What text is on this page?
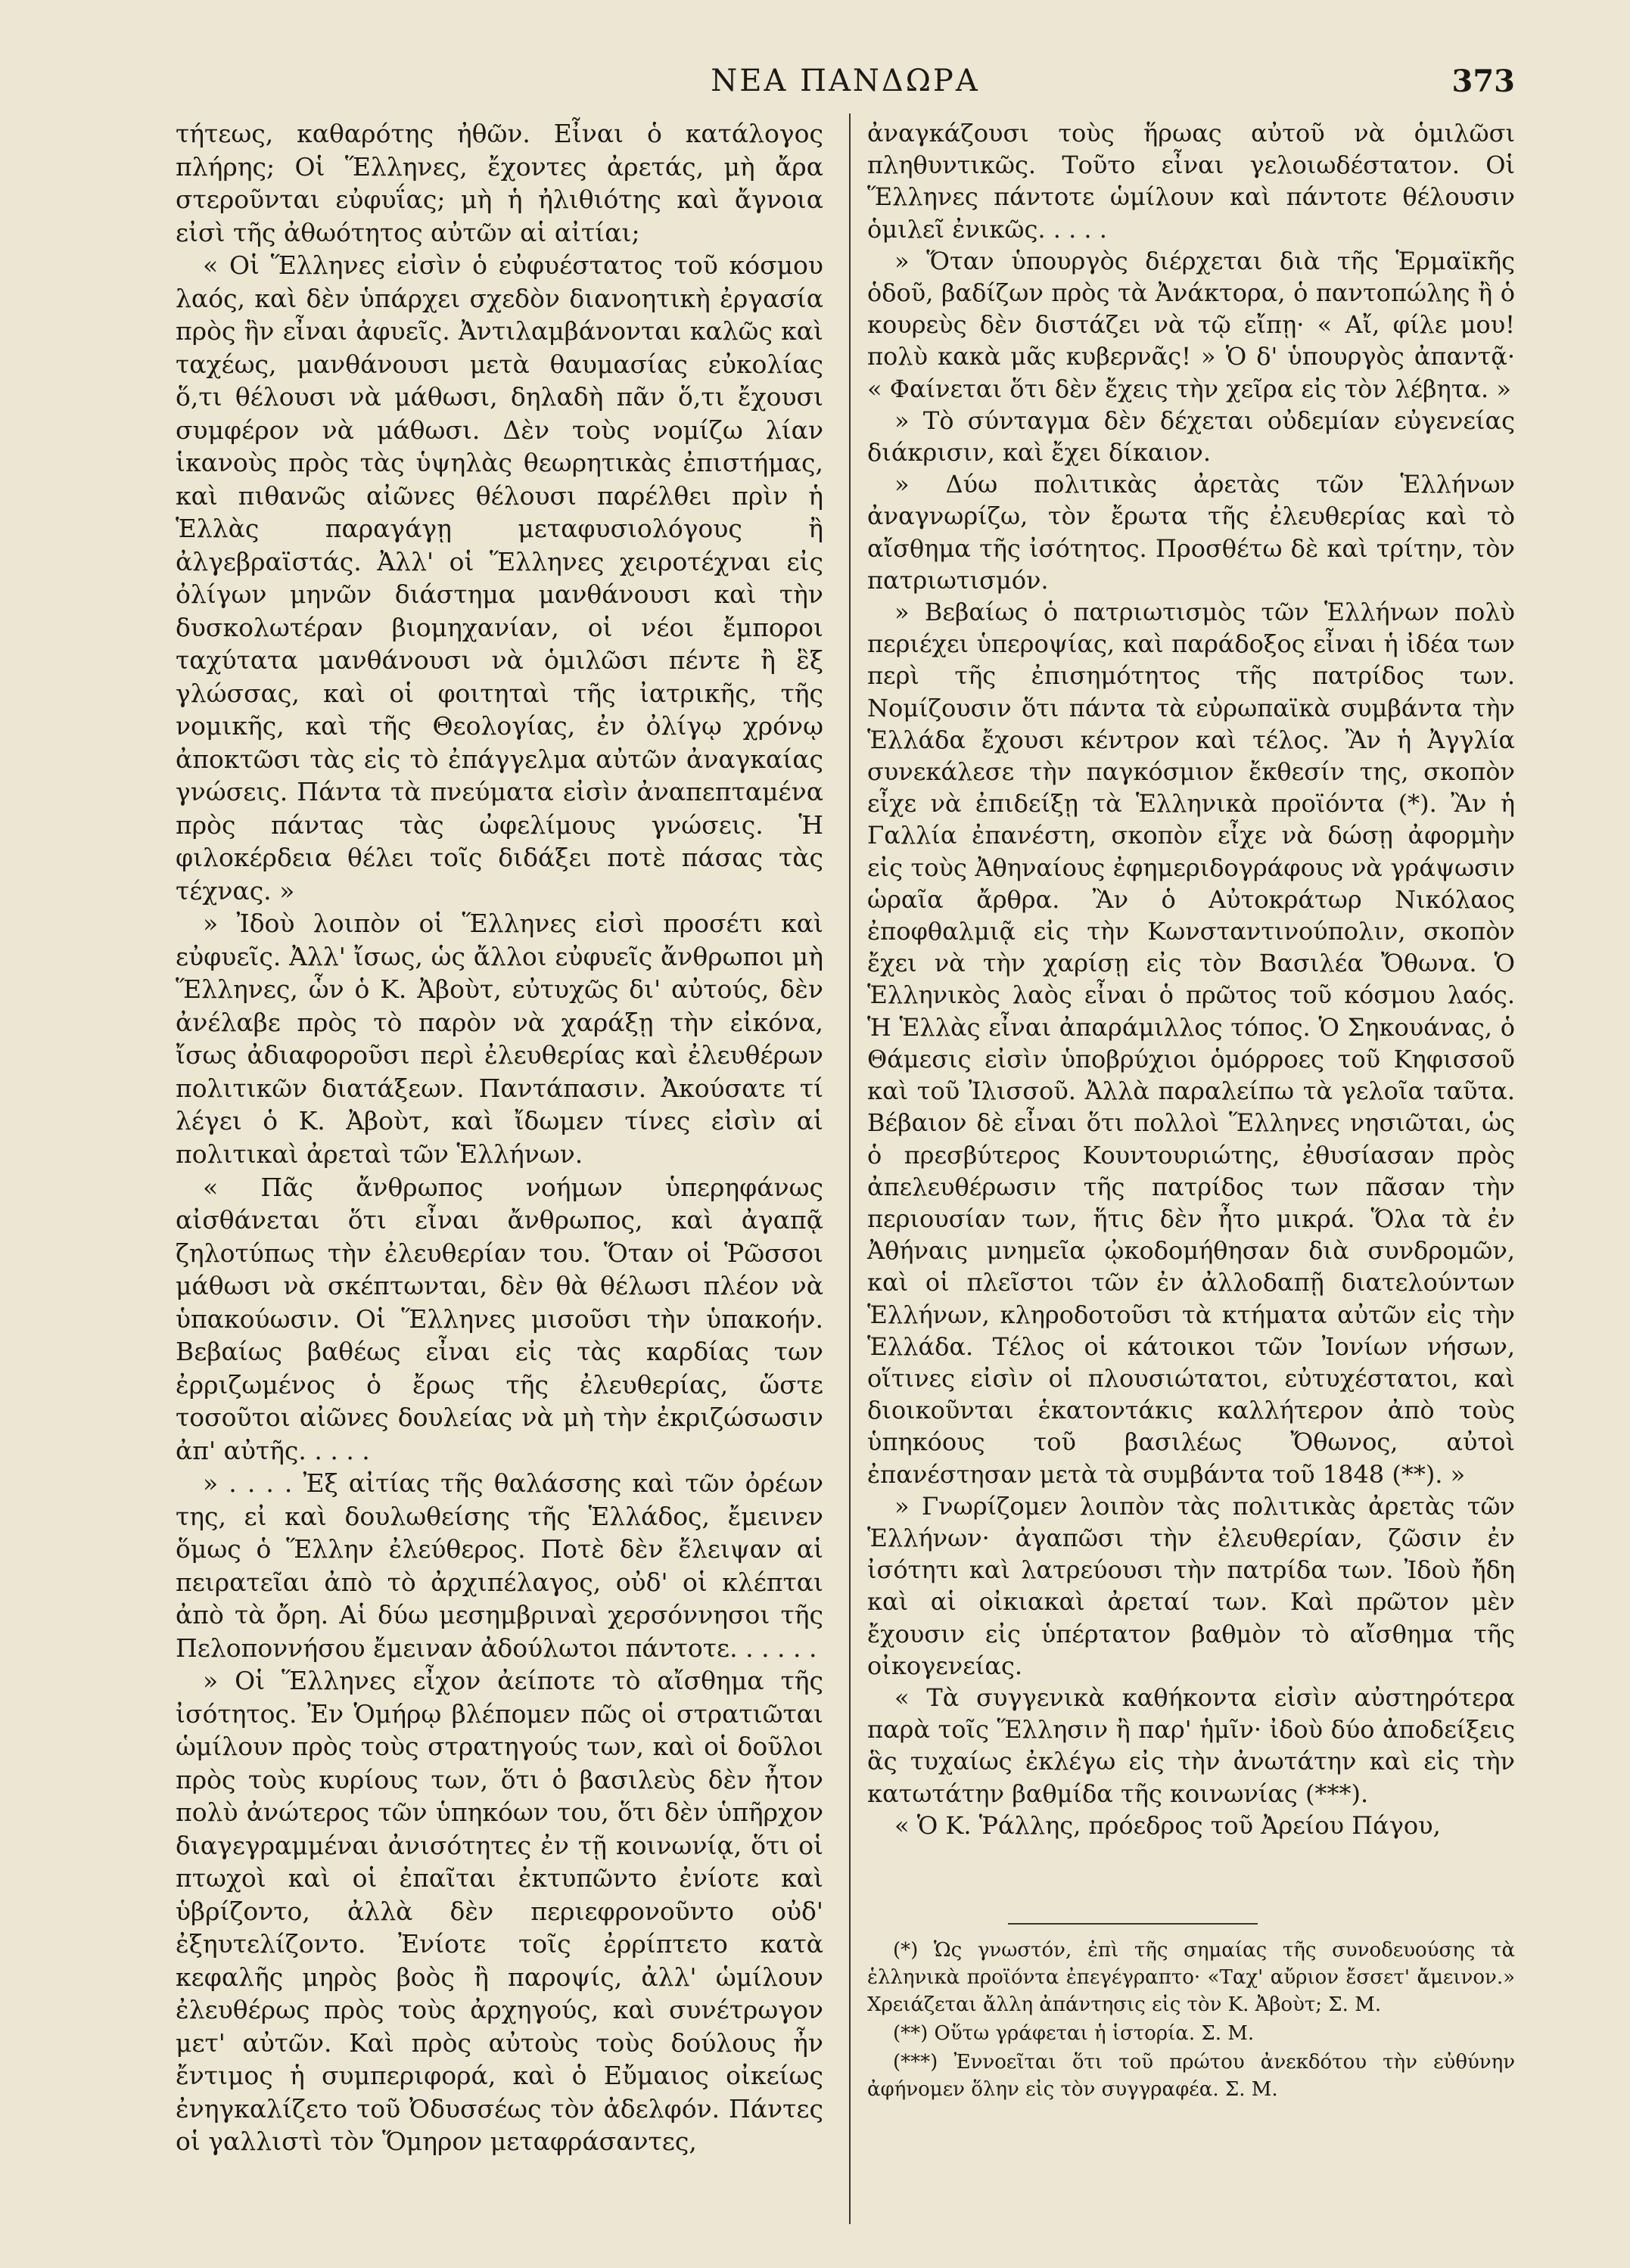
ΝΕΑ ΠΑΝΔΩΡΑ	373

τήτεως, καθαρότης ἠθῶν. Εἶναι ὁ κατάλογος πλήρης; Οἱ Ἕλληνες, ἔχοντες ἀρετάς, μὴ ἄρα στεροῦνται εὐφυΐας; μὴ ἡ ἠλιθιότης καὶ ἄγνοια εἰσὶ τῆς ἀθωότητος αὐτῶν αἱ αἰτίαι;

« Οἱ Ἕλληνες εἰσὶν ὁ εὐφυέστατος τοῦ κόσμου λαός, καὶ δὲν ὑπάρχει σχεδὸν διανοητικὴ ἐργασία πρὸς ἣν εἶναι ἀφυεῖς. Ἀντιλαμβάνονται καλῶς καὶ ταχέως, μανθάνουσι μετὰ θαυμασίας εὐκολίας ὅ,τι θέλουσι νὰ μάθωσι, δηλαδὴ πᾶν ὅ,τι ἔχουσι συμφέρον νὰ μάθωσι. Δὲν τοὺς νομίζω λίαν ἱκανοὺς πρὸς τὰς ὑψηλὰς θεωρητικὰς ἐπιστήμας, καὶ πιθανῶς αἰῶνες θέλουσι παρέλθει πρὶν ἡ Ἑλλὰς παραγάγῃ μεταφυσιολόγους ἢ ἀλγεβραϊστάς. Ἀλλ' οἱ Ἕλληνες χειροτέχναι εἰς ὀλίγων μηνῶν διάστημα μανθάνουσι καὶ τὴν δυσκολωτέραν βιομηχανίαν, οἱ νέοι ἔμποροι ταχύτατα μανθάνουσι νὰ ὁμιλῶσι πέντε ἢ ἓξ γλώσσας, καὶ οἱ φοιτηταὶ τῆς ἰατρικῆς, τῆς νομικῆς, καὶ τῆς Θεολογίας, ἐν ὀλίγῳ χρόνῳ ἀποκτῶσι τὰς εἰς τὸ ἐπάγγελμα αὐτῶν ἀναγκαίας γνώσεις. Πάντα τὰ πνεύματα εἰσὶν ἀναπεπταμένα πρὸς πάντας τὰς ὠφελίμους γνώσεις. Ἡ φιλοκέρδεια θέλει τοῖς διδάξει ποτὲ πάσας τὰς τέχνας. »

» Ἰδοὺ λοιπὸν οἱ Ἕλληνες εἰσὶ προσέτι καὶ εὐφυεῖς. Ἀλλ' ἴσως, ὡς ἄλλοι εὐφυεῖς ἄνθρωποι μὴ Ἕλληνες, ὧν ὁ Κ. Ἀβοὺτ, εὐτυχῶς δι' αὐτούς, δὲν ἀνέλαβε πρὸς τὸ παρὸν νὰ χαράξῃ τὴν εἰκόνα, ἴσως ἀδιαφοροῦσι περὶ ἐλευθερίας καὶ ἐλευθέρων πολιτικῶν διατάξεων. Παντάπασιν. Ἀκούσατε τί λέγει ὁ Κ. Ἀβοὺτ, καὶ ἴδωμεν τίνες εἰσὶν αἱ πολιτικαὶ ἀρεταὶ τῶν Ἑλλήνων.

« Πᾶς ἄνθρωπος νοήμων ὑπερηφάνως αἰσθάνεται ὅτι εἶναι ἄνθρωπος, καὶ ἀγαπᾷ ζηλοτύπως τὴν ἐλευθερίαν του. Ὅταν οἱ Ῥῶσσοι μάθωσι νὰ σκέπτωνται, δὲν θὰ θέλωσι πλέον νὰ ὑπακούωσιν. Οἱ Ἕλληνες μισοῦσι τὴν ὑπακοήν. Βεβαίως βαθέως εἶναι εἰς τὰς καρδίας των ἐρριζωμένος ὁ ἔρως τῆς ἐλευθερίας, ὥστε τοσοῦτοι αἰῶνες δουλείας νὰ μὴ τὴν ἐκριζώσωσιν ἀπ' αὐτῆς. . . . .

» . . . . Ἐξ αἰτίας τῆς θαλάσσης καὶ τῶν ὀρέων της, εἰ καὶ δουλωθείσης τῆς Ἑλλάδος, ἔμεινεν ὅμως ὁ Ἕλλην ἐλεύθερος. Ποτὲ δὲν ἔλειψαν αἱ πειρατεῖαι ἀπὸ τὸ ἀρχιπέλαγος, οὐδ' οἱ κλέπται ἀπὸ τὰ ὄρη. Αἱ δύω μεσημβριναὶ χερσόννησοι τῆς Πελοποννήσου ἔμειναν ἀδούλωτοι πάντοτε. . . . . .

» Οἱ Ἕλληνες εἶχον ἀείποτε τὸ αἴσθημα τῆς ἰσότητος. Ἐν Ὁμήρῳ βλέπομεν πῶς οἱ στρατιῶται ὡμίλουν πρὸς τοὺς στρατηγούς των, καὶ οἱ δοῦλοι πρὸς τοὺς κυρίους των, ὅτι ὁ βασιλεὺς δὲν ἦτον πολὺ ἀνώτερος τῶν ὑπηκόων του, ὅτι δὲν ὑπῆρχον διαγεγραμμέναι ἀνισότητες ἐν τῇ κοινωνίᾳ, ὅτι οἱ πτωχοὶ καὶ οἱ ἐπαῖται ἐκτυπῶντο ἐνίοτε καὶ ὑβρίζοντο, ἀλλὰ δὲν περιεφρονοῦντο οὐδ' ἐξηυτελίζοντο. Ἐνίοτε τοῖς ἐρρίπτετο κατὰ κεφαλῆς μηρὸς βοὸς ἢ παροψίς, ἀλλ' ὡμίλουν ἐλευθέρως πρὸς τοὺς ἀρχηγούς, καὶ συνέτρωγον μετ' αὐτῶν. Καὶ πρὸς αὐτοὺς τοὺς δούλους ἦν ἔντιμος ἡ συμπεριφορά, καὶ ὁ Εὔμαιος οἰκείως ἐνηγκαλίζετο τοῦ Ὀδυσσέως τὸν ἀδελφόν. Πάντες οἱ γαλλιστὶ τὸν Ὅμηρον μεταφράσαντες,

ἀναγκάζουσι τοὺς ἥρωας αὐτοῦ νὰ ὁμιλῶσι πληθυντικῶς. Τοῦτο εἶναι γελοιωδέστατον. Οἱ Ἕλληνες πάντοτε ὡμίλουν καὶ πάντοτε θέλουσιν ὁμιλεῖ ἐνικῶς. . . . .

» Ὅταν ὑπουργὸς διέρχεται διὰ τῆς Ἑρμαϊκῆς ὁδοῦ, βαδίζων πρὸς τὰ Ἀνάκτορα, ὁ παντοπώλης ἢ ὁ κουρεὺς δὲν διστάζει νὰ τῷ εἴπῃ· « Αἴ, φίλε μου! πολὺ κακὰ μᾶς κυβερνᾶς! » Ὁ δ' ὑπουργὸς ἀπαντᾷ· « Φαίνεται ὅτι δὲν ἔχεις τὴν χεῖρα εἰς τὸν λέβητα. »

» Τὸ σύνταγμα δὲν δέχεται οὐδεμίαν εὐγενείας διάκρισιν, καὶ ἔχει δίκαιον.

» Δύω πολιτικὰς ἀρετὰς τῶν Ἑλλήνων ἀναγνωρίζω, τὸν ἔρωτα τῆς ἐλευθερίας καὶ τὸ αἴσθημα τῆς ἰσότητος. Προσθέτω δὲ καὶ τρίτην, τὸν πατριωτισμόν.

» Βεβαίως ὁ πατριωτισμὸς τῶν Ἑλλήνων πολὺ περιέχει ὑπεροψίας, καὶ παράδοξος εἶναι ἡ ἰδέα των περὶ τῆς ἐπισημότητος τῆς πατρίδος των. Νομίζουσιν ὅτι πάντα τὰ εὐρωπαϊκὰ συμβάντα τὴν Ἑλλάδα ἔχουσι κέντρον καὶ τέλος. Ἂν ἡ Ἀγγλία συνεκάλεσε τὴν παγκόσμιον ἔκθεσίν της, σκοπὸν εἶχε νὰ ἐπιδείξῃ τὰ Ἑλληνικὰ προϊόντα (*). Ἂν ἡ Γαλλία ἐπανέστη, σκοπὸν εἶχε νὰ δώσῃ ἀφορμὴν εἰς τοὺς Ἀθηναίους ἐφημεριδογράφους νὰ γράψωσιν ὡραῖα ἄρθρα. Ἂν ὁ Αὐτοκράτωρ Νικόλαος ἐποφθαλμιᾷ εἰς τὴν Κωνσταντινούπολιν, σκοπὸν ἔχει νὰ τὴν χαρίσῃ εἰς τὸν Βασιλέα Ὄθωνα. Ὁ Ἑλληνικὸς λαὸς εἶναι ὁ πρῶτος τοῦ κόσμου λαός. Ἡ Ἑλλὰς εἶναι ἀπαράμιλλος τόπος. Ὁ Σηκουάνας, ὁ Θάμεσις εἰσὶν ὑποβρύχιοι ὁμόρροες τοῦ Κηφισσοῦ καὶ τοῦ Ἰλισσοῦ. Ἀλλὰ παραλείπω τὰ γελοῖα ταῦτα. Βέβαιον δὲ εἶναι ὅτι πολλοὶ Ἕλληνες νησιῶται, ὡς ὁ πρεσβύτερος Κουντουριώτης, ἐθυσίασαν πρὸς ἀπελευθέρωσιν τῆς πατρίδος των πᾶσαν τὴν περιουσίαν των, ἥτις δὲν ἦτο μικρά. Ὅλα τὰ ἐν Ἀθήναις μνημεῖα ᾠκοδομήθησαν διὰ συνδρομῶν, καὶ οἱ πλεῖστοι τῶν ἐν ἀλλοδαπῇ διατελούντων Ἑλλήνων, κληροδοτοῦσι τὰ κτήματα αὐτῶν εἰς τὴν Ἑλλάδα. Τέλος οἱ κάτοικοι τῶν Ἰονίων νήσων, οἵτινες εἰσὶν οἱ πλουσιώτατοι, εὐτυχέστατοι, καὶ διοικοῦνται ἑκατοντάκις καλλήτερον ἀπὸ τοὺς ὑπηκόους τοῦ βασιλέως Ὄθωνος, αὐτοὶ ἐπανέστησαν μετὰ τὰ συμβάντα τοῦ 1848 (**). »

» Γνωρίζομεν λοιπὸν τὰς πολιτικὰς ἀρετὰς τῶν Ἑλλήνων· ἀγαπῶσι τὴν ἐλευθερίαν, ζῶσιν ἐν ἰσότητι καὶ λατρεύουσι τὴν πατρίδα των. Ἰδοὺ ἤδη καὶ αἱ οἰκιακαὶ ἀρεταί των. Καὶ πρῶτον μὲν ἔχουσιν εἰς ὑπέρτατον βαθμὸν τὸ αἴσθημα τῆς οἰκογενείας.

« Τὰ συγγενικὰ καθήκοντα εἰσὶν αὐστηρότερα παρὰ τοῖς Ἕλλησιν ἢ παρ' ἡμῖν· ἰδοὺ δύο ἀποδείξεις ἃς τυχαίως ἐκλέγω εἰς τὴν ἀνωτάτην καὶ εἰς τὴν κατωτάτην βαθμίδα τῆς κοινωνίας (***).

« Ὁ Κ. Ῥάλλης, πρόεδρος τοῦ Ἀρείου Πάγου,

(*) Ὡς γνωστόν, ἐπὶ τῆς σημαίας τῆς συνοδευούσης τὰ ἑλληνικὰ προϊόντα ἐπεγέγραπτο· «Ταχ' αὔριον ἔσσετ' ἄμεινον.» Χρειάζεται ἄλλη ἀπάντησις εἰς τὸν Κ. Ἀβοὺτ; Σ. Μ.

(**) Οὕτω γράφεται ἡ ἱστορία. Σ. Μ.

(***) Ἐννοεῖται ὅτι τοῦ πρώτου ἀνεκδότου τὴν εὐθύνην ἀφήνομεν ὅλην εἰς τὸν συγγραφέα. Σ. Μ.
